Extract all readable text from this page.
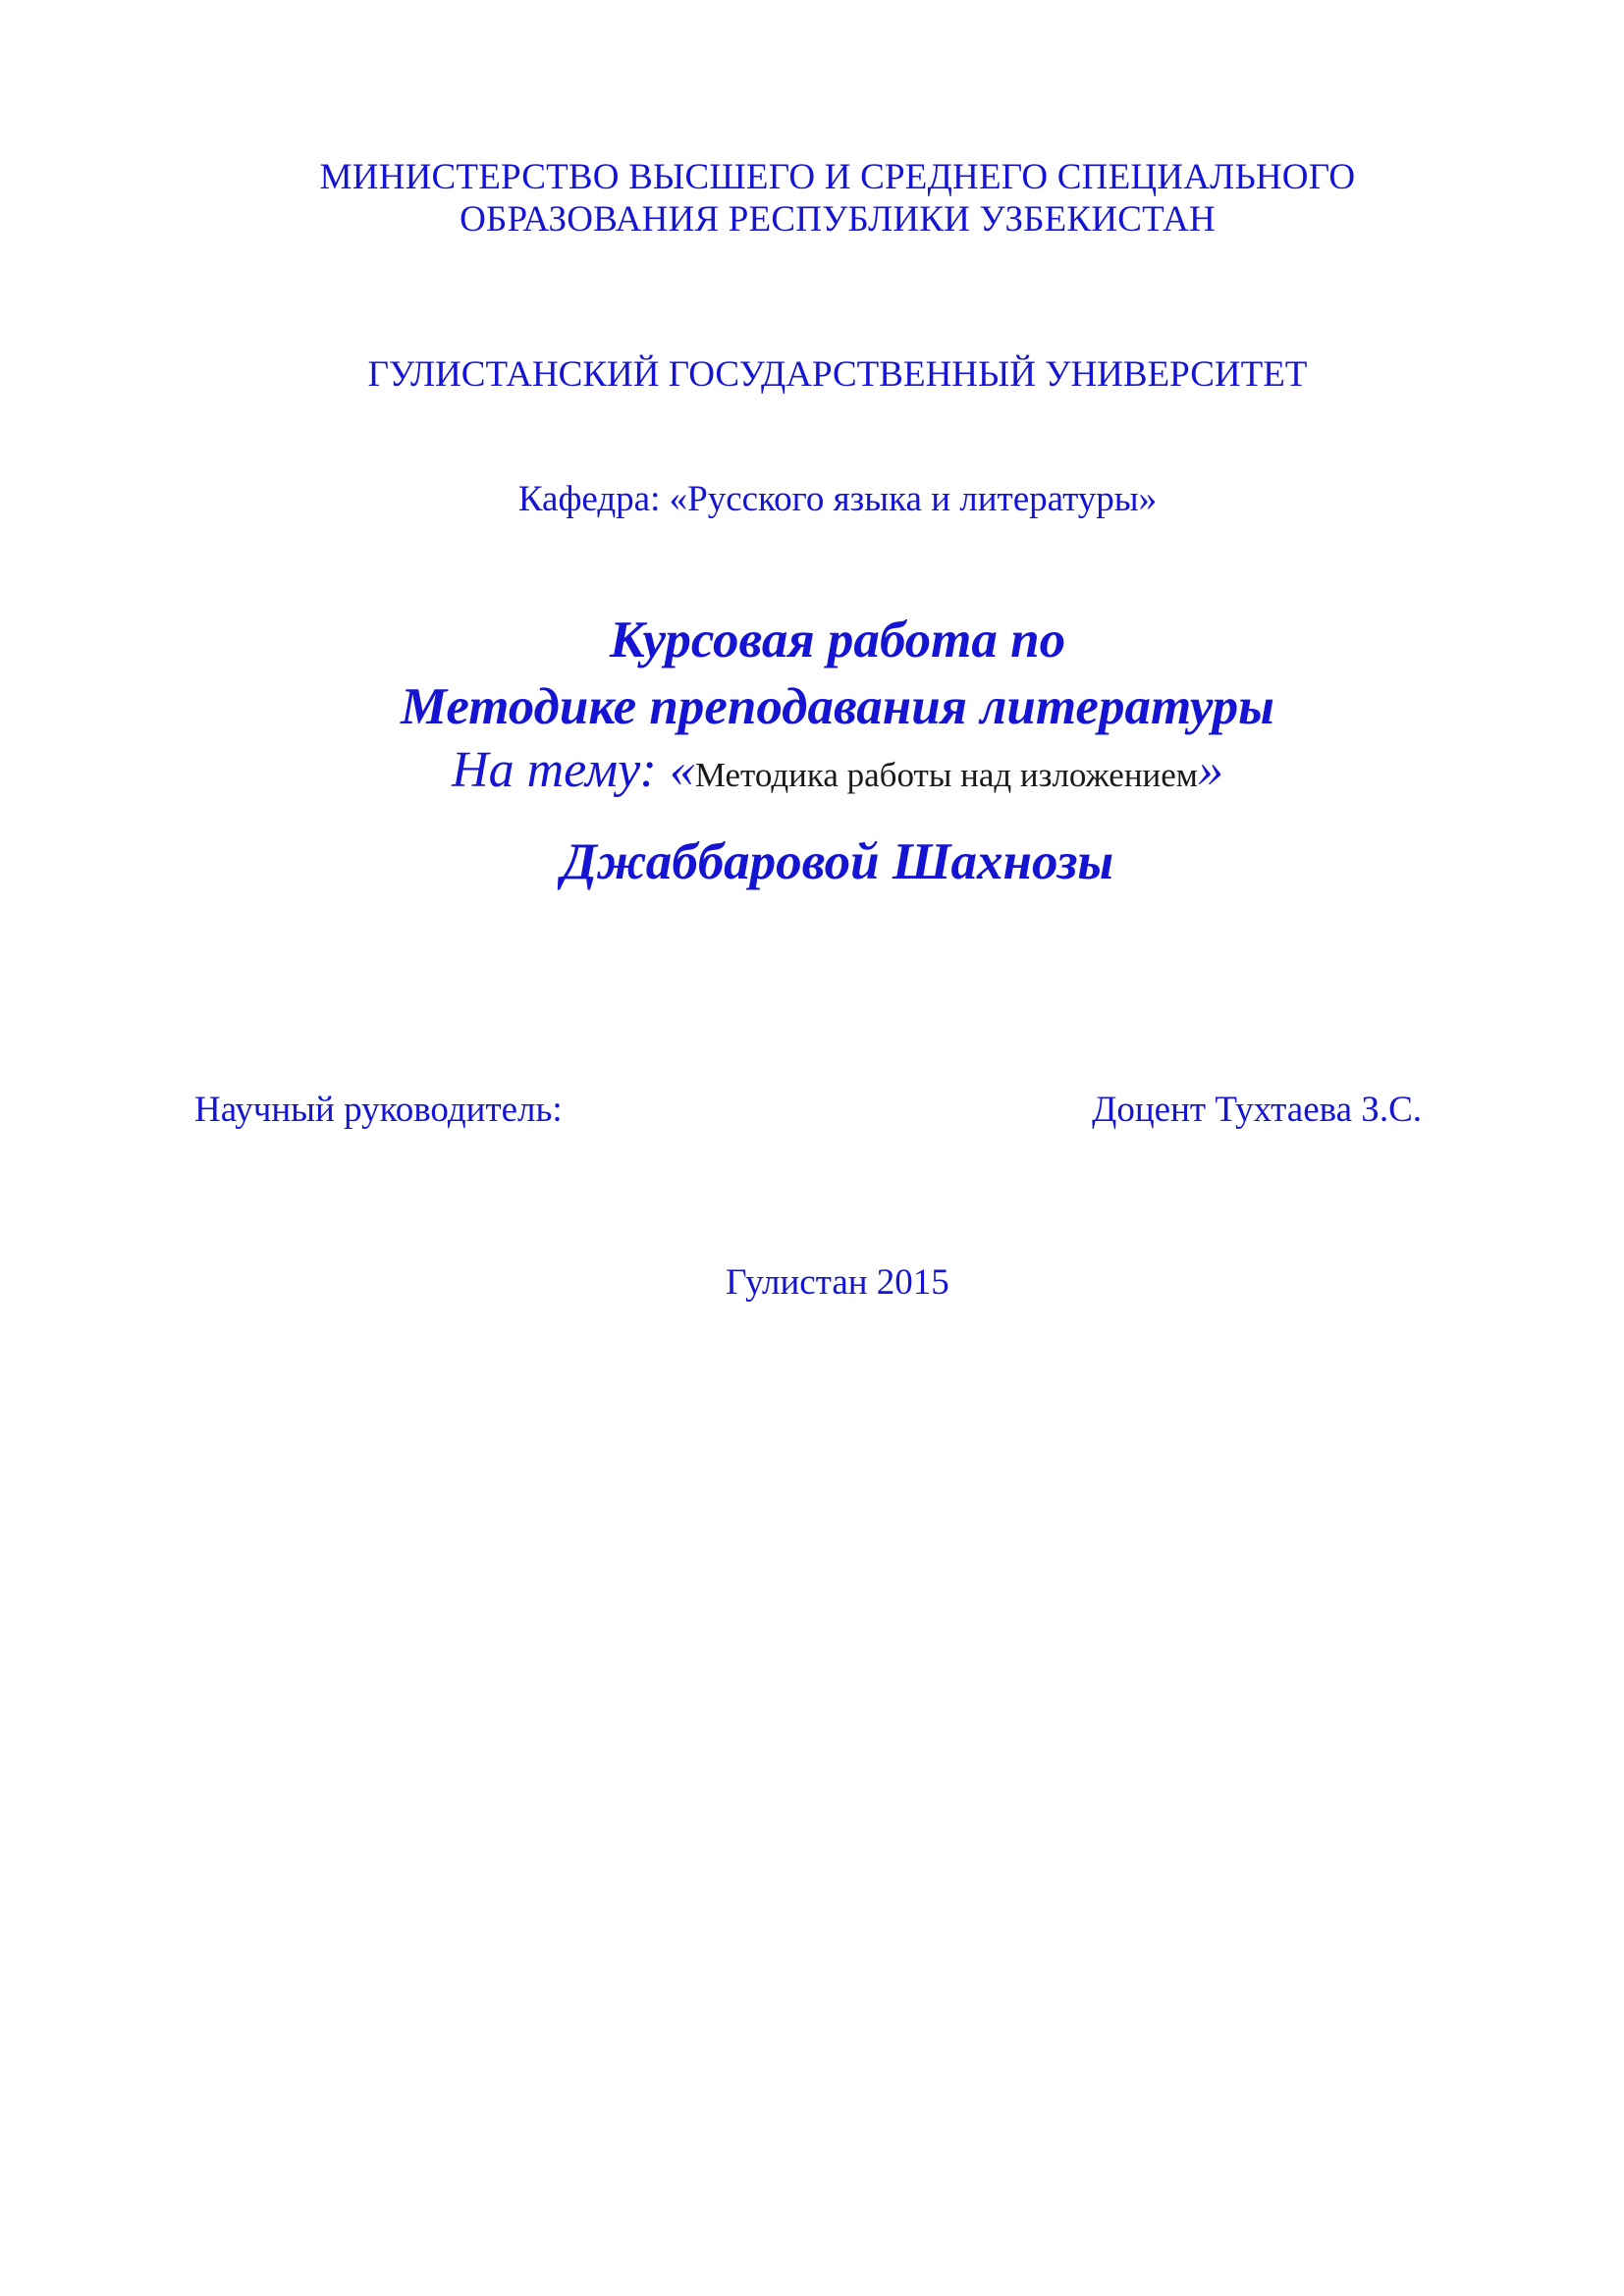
МИНИСТЕРСТВО ВЫСШЕГО И СРЕДНЕГО СПЕЦИАЛЬНОГО
ОБРАЗОВАНИЯ РЕСПУБЛИКИ УЗБЕКИСТАН
ГУЛИСТАНСКИЙ ГОСУДАРСТВЕННЫЙ УНИВЕРСИТЕТ
Кафедра: «Русского языка и литературы»
Курсовая работа по
Методике преподавания литературы
На тему: «Методика работы над изложением»
Джаббаровой Шахнозы
Научный руководитель:	Доцент Тухтаева З.С.
Гулистан 2015
